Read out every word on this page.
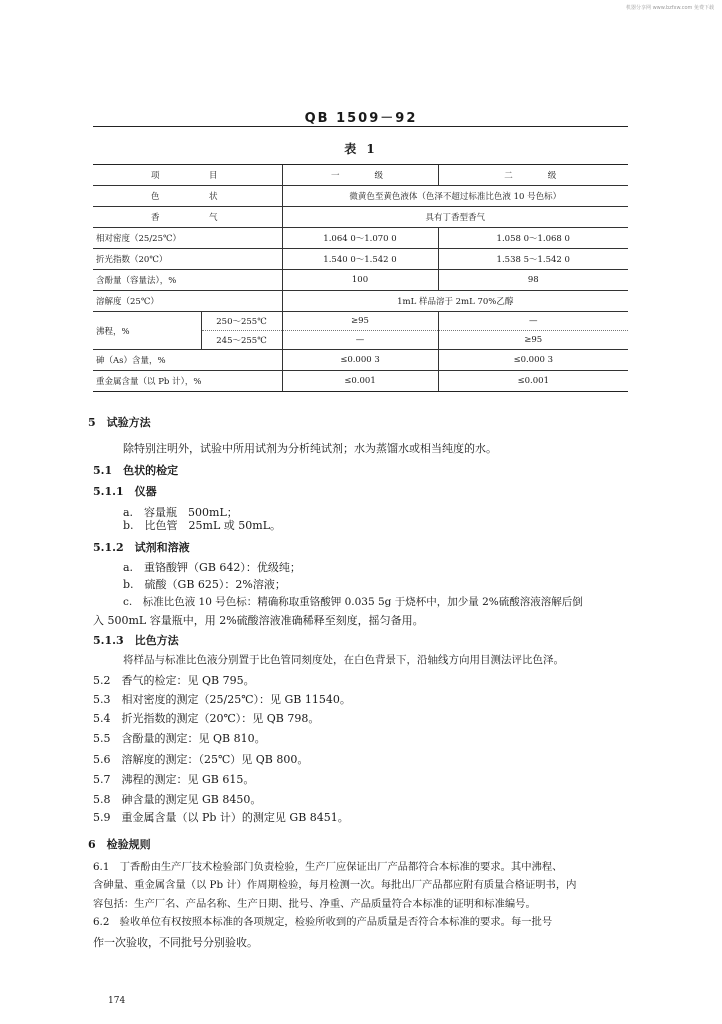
机器分享网 www.bzfxw.com 免费下载
QB 1509－92
表 1
项　　　目		一　　级	二　　级
色　　　状		微黄色至黄色液体（色泽不超过标准比色液 10 号色标）	
香　　　气		具有丁香型香气	
相对密度（25/25℃）		1.064 0～1.070 0	1.058 0～1.068 0
折光指数（20℃）		1.540 0～1.542 0	1.538 5～1.542 0
含酚量（容量法），%		100	98
溶解度（25℃）		1mL 样品溶于 2mL 70%乙醇	
沸程，%	250～255℃	≥95	—
	245～255℃	—	≥95
砷（As）含量，%		≤0.000 3	≤0.000 3
重金属含量（以 Pb 计），%		≤0.001	≤0.001
5　试验方法
除特别注明外，试验中所用试剂为分析纯试剂；水为蒸馏水或相当纯度的水。
5.1　色状的检定
5.1.1　仪器
a.　容量瓶　500mL；
b.　比色管　25mL 或 50mL。
5.1.2　试剂和溶液
a.　重铬酸钾（GB 642）：优级纯；
b.　硫酸（GB 625）：2%溶液；
c.　标准比色液 10 号色标：精确称取重铬酸钾 0.035 5g 于烧杯中，加少量 2%硫酸溶液溶解后倒
入 500mL 容量瓶中，用 2%硫酸溶液准确稀释至刻度，摇匀备用。
5.1.3　比色方法
将样品与标准比色液分别置于比色管同刻度处，在白色背景下，沿轴线方向用目测法评比色泽。
5.2　香气的检定：见 QB 795。
5.3　相对密度的测定（25/25℃）：见 GB 11540。
5.4　折光指数的测定（20℃）：见 QB 798。
5.5　含酚量的测定：见 QB 810。
5.6　溶解度的测定：（25℃）见 QB 800。
5.7　沸程的测定：见 GB 615。
5.8　砷含量的测定见 GB 8450。
5.9　重金属含量（以 Pb 计）的测定见 GB 8451。
6　检验规则
6.1　丁香酚由生产厂技术检验部门负责检验，生产厂应保证出厂产品都符合本标准的要求。其中沸程、
含砷量、重金属含量（以 Pb 计）作周期检验，每月检测一次。每批出厂产品都应附有质量合格证明书，内
容包括：生产厂名、产品名称、生产日期、批号、净重、产品质量符合本标准的证明和标准编号。
6.2　验收单位有权按照本标准的各项规定，检验所收到的产品质量是否符合本标准的要求。每一批号
作一次验收，不同批号分别验收。
174
